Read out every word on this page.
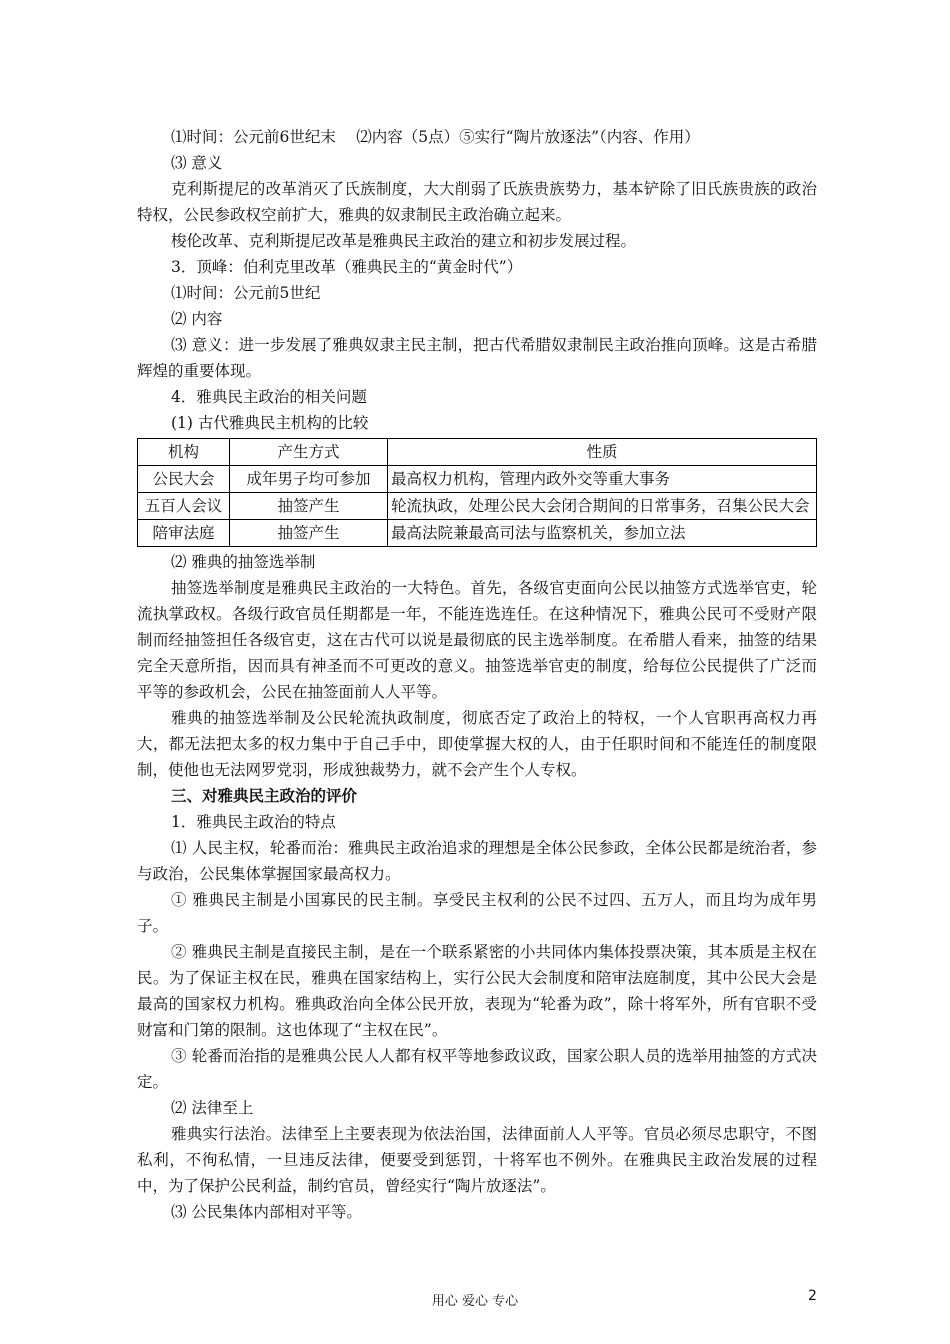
⑴时间：公元前6世纪末　 ⑵内容（5点）⑤实行“陶片放逐法”（内容、作用）

⑶ 意义

克利斯提尼的改革消灭了氏族制度，大大削弱了氏族贵族势力，基本铲除了旧氏族贵族的政治特权，公民参政权空前扩大，雅典的奴隶制民主政治确立起来。

梭伦改革、克利斯提尼改革是雅典民主政治的建立和初步发展过程。

3．顶峰：伯利克里改革（雅典民主的“黄金时代”）

⑴时间：公元前5世纪

⑵ 内容

⑶ 意义：进一步发展了雅典奴隶主民主制，把古代希腊奴隶制民主政治推向顶峰。这是古希腊辉煌的重要体现。

4．雅典民主政治的相关问题

(1) 古代雅典民主机构的比较

机构	产生方式	性质
公民大会	成年男子均可参加	最高权力机构，管理内政外交等重大事务
五百人会议	抽签产生	轮流执政，处理公民大会闭合期间的日常事务，召集公民大会
陪审法庭	抽签产生	最高法院兼最高司法与监察机关，参加立法

⑵ 雅典的抽签选举制

抽签选举制度是雅典民主政治的一大特色。首先，各级官吏面向公民以抽签方式选举官吏，轮流执掌政权。各级行政官员任期都是一年，不能连选连任。在这种情况下，雅典公民可不受财产限制而经抽签担任各级官吏，这在古代可以说是最彻底的民主选举制度。在希腊人看来，抽签的结果完全天意所指，因而具有神圣而不可更改的意义。抽签选举官吏的制度，给每位公民提供了广泛而平等的参政机会，公民在抽签面前人人平等。

雅典的抽签选举制及公民轮流执政制度，彻底否定了政治上的特权，一个人官职再高权力再大，都无法把太多的权力集中于自己手中，即使掌握大权的人，由于任职时间和不能连任的制度限制，使他也无法网罗党羽，形成独裁势力，就不会产生个人专权。

三、对雅典民主政治的评价

1．雅典民主政治的特点

⑴ 人民主权，轮番而治：雅典民主政治追求的理想是全体公民参政，全体公民都是统治者，参与政治，公民集体掌握国家最高权力。

① 雅典民主制是小国寡民的民主制。享受民主权利的公民不过四、五万人，而且均为成年男子。

② 雅典民主制是直接民主制，是在一个联系紧密的小共同体内集体投票决策，其本质是主权在民。为了保证主权在民，雅典在国家结构上，实行公民大会制度和陪审法庭制度，其中公民大会是最高的国家权力机构。雅典政治向全体公民开放，表现为“轮番为政”，除十将军外，所有官职不受财富和门第的限制。这也体现了“主权在民”。

③ 轮番而治指的是雅典公民人人都有权平等地参政议政，国家公职人员的选举用抽签的方式决定。

⑵ 法律至上

雅典实行法治。法律至上主要表现为依法治国，法律面前人人平等。官员必须尽忠职守，不图私利，不徇私情，一旦违反法律，便要受到惩罚，十将军也不例外。在雅典民主政治发展的过程中，为了保护公民利益，制约官员，曾经实行“陶片放逐法”。

⑶ 公民集体内部相对平等。

用心 爱心 专心	2
